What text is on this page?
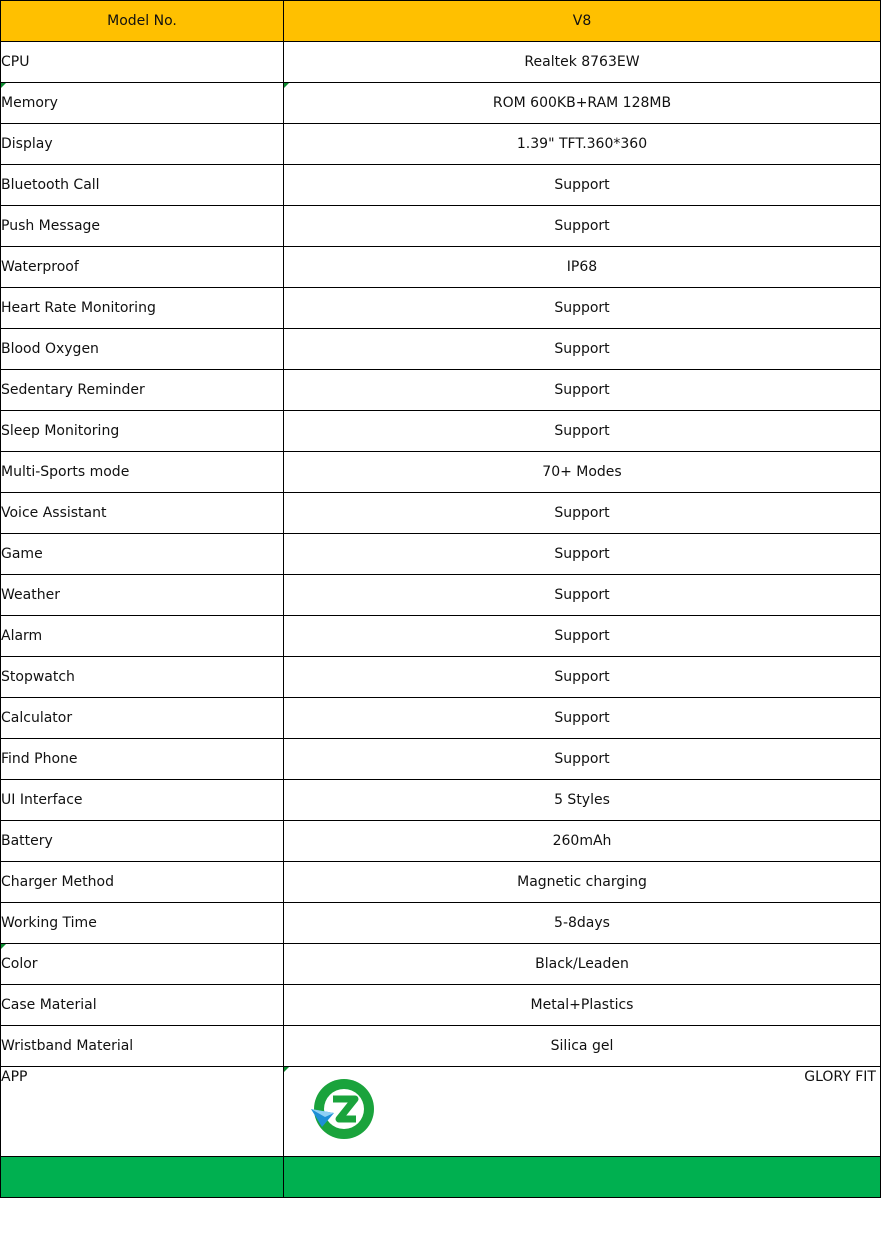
Model No.	V8
CPU	Realtek 8763EW

Memory	ROM 600KB+RAM 128MB
Display	1.39" TFT.360*360
Bluetooth Call	Support
Push Message	Support
Waterproof	IP68
Heart Rate Monitoring	Support
Blood Oxygen	Support
Sedentary Reminder	Support
Sleep Monitoring	Support
Multi-Sports mode	70+ Modes
Voice Assistant	Support
Game	Support
Weather	Support
Alarm	Support
Stopwatch	Support
Calculator	Support
Find Phone	Support
UI Interface	5 Styles
Battery	260mAh
Charger Method	Magnetic charging
Working Time	5-8days

Color	Black/Leaden
Case Material	Metal+Plastics
Wristband Material	Silica gel
APP	GLORY FIT
